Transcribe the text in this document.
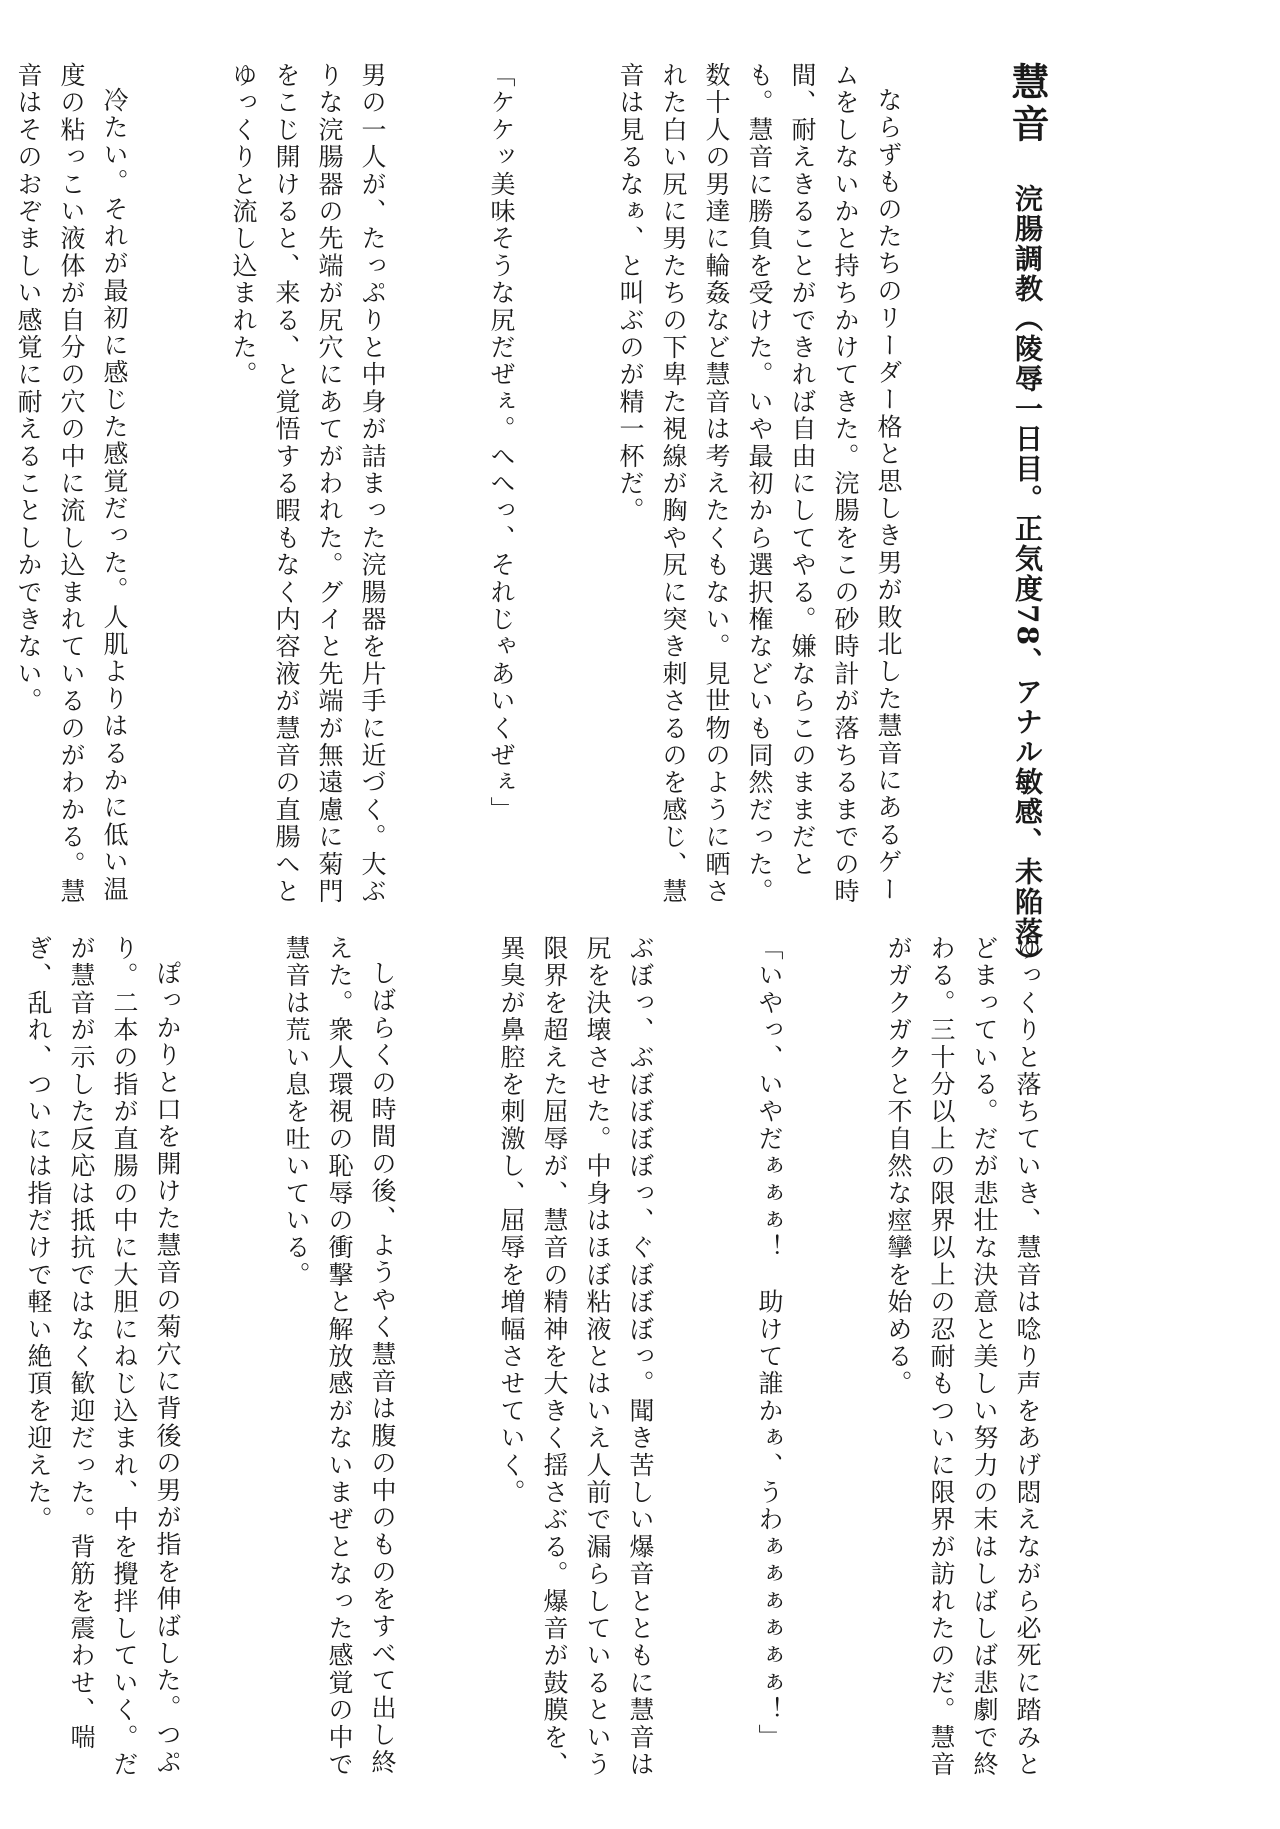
慧音浣腸調教（陵辱一日目。正気度78、アナル敏感、未陥落）

ならずものたちのリーダー格と思しき男が敗北した慧音にあるゲームをしないかと持ちかけてきた。浣腸をこの砂時計が落ちるまでの時間、耐えきることができれば自由にしてやる。嫌ならこのままだとも。慧音に勝負を受けた。いや最初から選択権などいも同然だった。数十人の男達に輪姦など慧音は考えたくもない。見世物のように晒された白い尻に男たちの下卑た視線が胸や尻に突き刺さるのを感じ、慧音は見るなぁ、と叫ぶのが精一杯だ。

「ケケッ美味そうな尻だぜぇ。へへっ、それじゃあいくぜぇ」

男の一人が、たっぷりと中身が詰まった浣腸器を片手に近づく。大ぶりな浣腸器の先端が尻穴にあてがわれた。グイと先端が無遠慮に菊門をこじ開けると、来る、と覚悟する暇もなく内容液が慧音の直腸へとゆっくりと流し込まれた。

冷たい。それが最初に感じた感覚だった。人肌よりはるかに低い温度の粘っこい液体が自分の穴の中に流し込まれているのがわかる。慧音はそのおぞましい感覚に耐えることしかできない。

ゆっくりと落ちていき、慧音は唸り声をあげ悶えながら必死に踏みとどまっている。だが悲壮な決意と美しい努力の末はしばしば悲劇で終わる。三十分以上の限界以上の忍耐もついに限界が訪れたのだ。慧音がガクガクと不自然な痙攣を始める。

「いやっ、いやだぁぁぁ！　助けて誰かぁ、うわぁぁぁぁぁぁ！」

ぶぼっ、ぶぼぼぼぼっ、ぐぼぼぼっ。聞き苦しい爆音とともに慧音は尻を決壊させた。中身はほぼ粘液とはいえ人前で漏らしているという限界を超えた屈辱が、慧音の精神を大きく揺さぶる。爆音が鼓膜を、異臭が鼻腔を刺激し、屈辱を増幅させていく。

しばらくの時間の後、ようやく慧音は腹の中のものをすべて出し終えた。衆人環視の恥辱の衝撃と解放感がないまぜとなった感覚の中で慧音は荒い息を吐いている。

ぽっかりと口を開けた慧音の菊穴に背後の男が指を伸ばした。つぷり。二本の指が直腸の中に大胆にねじ込まれ、中を攪拌していく。だが慧音が示した反応は抵抗ではなく歓迎だった。背筋を震わせ、喘ぎ、乱れ、ついには指だけで軽い絶頂を迎えた。
